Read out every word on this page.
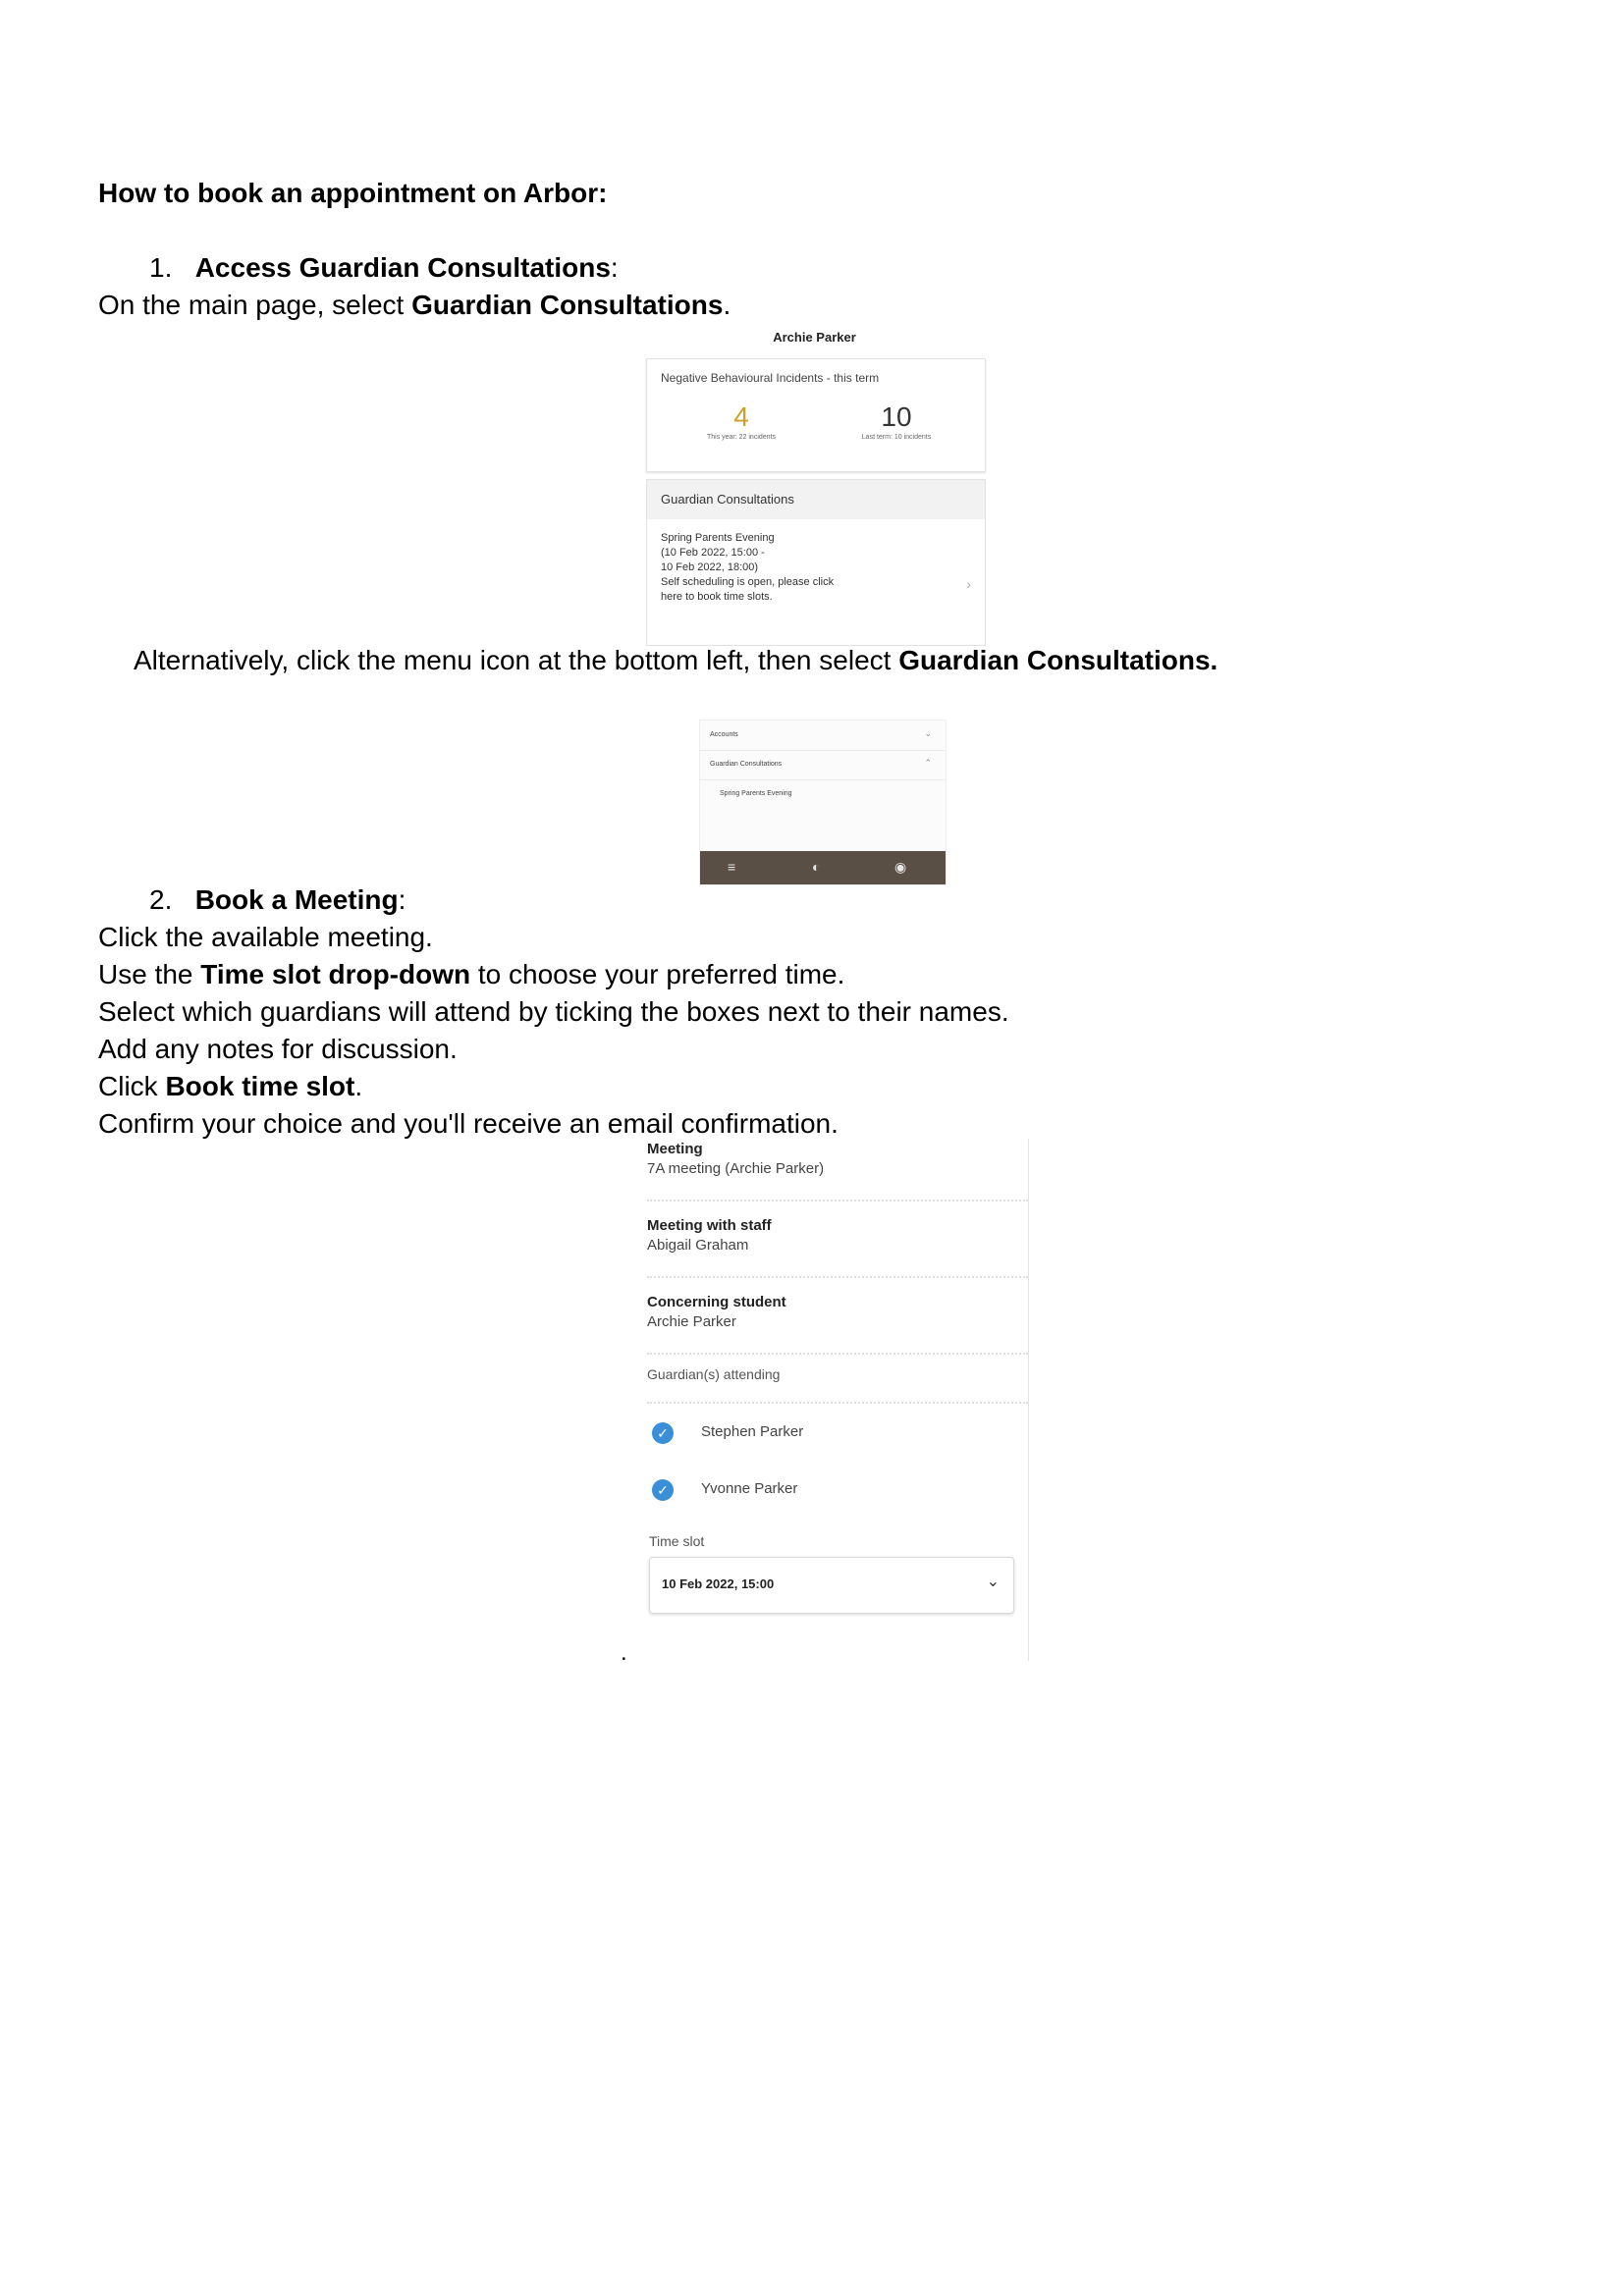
How to book an appointment on Arbor:
1. Access Guardian Consultations:
On the main page, select Guardian Consultations.
Archie Parker
Negative Behavioural Incidents - this term
4
This year: 22 incidents
10
Last term: 10 incidents
Guardian Consultations
Spring Parents Evening
(10 Feb 2022, 15:00 -
10 Feb 2022, 18:00)
Self scheduling is open, please click
here to book time slots.
›
Alternatively, click the menu icon at the bottom left, then select Guardian Consultations.
Accounts	⌄
Guardian Consultations	⌃
Spring Parents Evening
≡	◐	◉
2. Book a Meeting:
Click the available meeting.
Use the Time slot drop-down to choose your preferred time.
Select which guardians will attend by ticking the boxes next to their names.
Add any notes for discussion.
Click Book time slot.
Confirm your choice and you'll receive an email confirmation.
Meeting
7A meeting (Archie Parker)
Meeting with staff
Abigail Graham
Concerning student
Archie Parker
Guardian(s) attending
✓	Stephen Parker
✓	Yvonne Parker
Time slot
10 Feb 2022, 15:00	⌄
.
